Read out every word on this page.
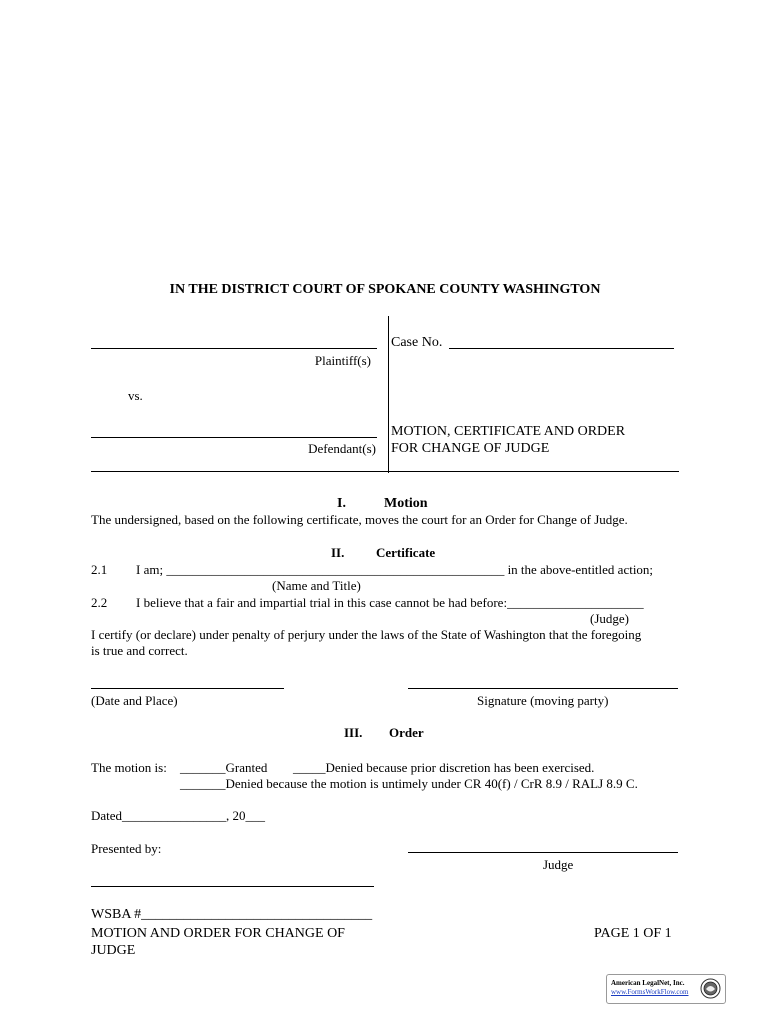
IN THE DISTRICT COURT OF SPOKANE COUNTY WASHINGTON
Case No.
Plaintiff(s)
vs.
MOTION, CERTIFICATE AND ORDER
FOR CHANGE OF JUDGE
Defendant(s)
I.	Motion
The undersigned, based on the following certificate, moves the court for an Order for Change of Judge.
II. Certificate
2.1 I am; ____________________________________________________ in the above-entitled action;
(Name and Title)
2.2 I believe that a fair and impartial trial in this case cannot be had before:_____________________
(Judge)
I certify (or declare) under penalty of perjury under the laws of the State of Washington that the foregoing
is true and correct.
(Date and Place)	Signature (moving party)
III. Order
The motion is: _______Granted _____Denied because prior discretion has been exercised.
_______Denied because the motion is untimely under CR 40(f) / CrR 8.9 / RALJ 8.9 C.
Dated________________, 20___
Presented by:
Judge
WSBA #_________________________________
MOTION AND ORDER FOR CHANGE OF
JUDGE
PAGE 1 OF 1
American LegalNet, Inc.
www.FormsWorkFlow.com
